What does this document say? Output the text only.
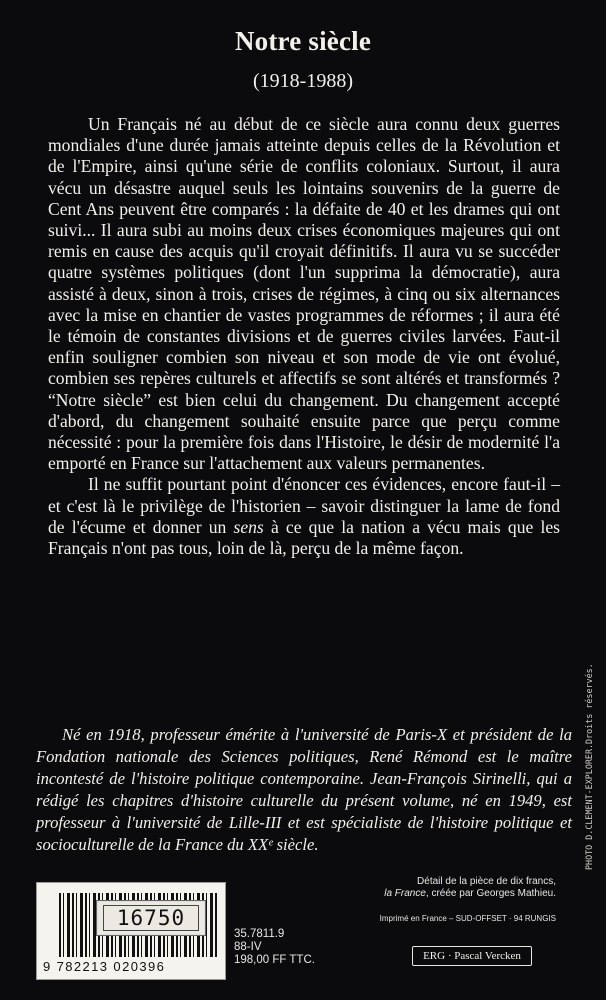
Notre siècle
(1918-1988)

Un Français né au début de ce siècle aura connu deux guerres mondiales d'une durée jamais atteinte depuis celles de la Révolution et de l'Empire, ainsi qu'une série de conflits coloniaux. Surtout, il aura vécu un désastre auquel seuls les lointains souvenirs de la guerre de Cent Ans peuvent être comparés : la défaite de 40 et les drames qui ont suivi... Il aura subi au moins deux crises économiques majeures qui ont remis en cause des acquis qu'il croyait définitifs. Il aura vu se succéder quatre systèmes politiques (dont l'un supprima la démocratie), aura assisté à deux, sinon à trois, crises de régimes, à cinq ou six alternances avec la mise en chantier de vastes programmes de réformes ; il aura été le témoin de constantes divisions et de guerres civiles larvées. Faut-il enfin souligner combien son niveau et son mode de vie ont évolué, combien ses repères culturels et affectifs se sont altérés et transformés ? “Notre siècle” est bien celui du changement. Du changement accepté d'abord, du changement souhaité ensuite parce que perçu comme nécessité : pour la première fois dans l'Histoire, le désir de modernité l'a emporté en France sur l'attachement aux valeurs permanentes.

Il ne suffit pourtant point d'énoncer ces évidences, encore faut-il – et c'est là le privilège de l'historien – savoir distinguer la lame de fond de l'écume et donner un sens à ce que la nation a vécu mais que les Français n'ont pas tous, loin de là, perçu de la même façon.

Né en 1918, professeur émérite à l'université de Paris-X et président de la Fondation nationale des Sciences politiques, René Rémond est le maître incontesté de l'histoire politique contemporaine. Jean-François Sirinelli, qui a rédigé les chapitres d'histoire culturelle du présent volume, né en 1949, est professeur à l'université de Lille-III et est spécialiste de l'histoire politique et socioculturelle de la France du XXᵉ siècle.	PHOTO D.CLEMENT-EXPLORER.Droits réservés.
Détail de la pièce de dix francs,
la France, créée par Georges Mathieu.
Imprimé en France – SUD-OFFSET · 94 RUNGIS
9 782213 020396
16750
35.7811.9
88-IV
198,00 FF TTC.	ERG · Pascal Vercken
